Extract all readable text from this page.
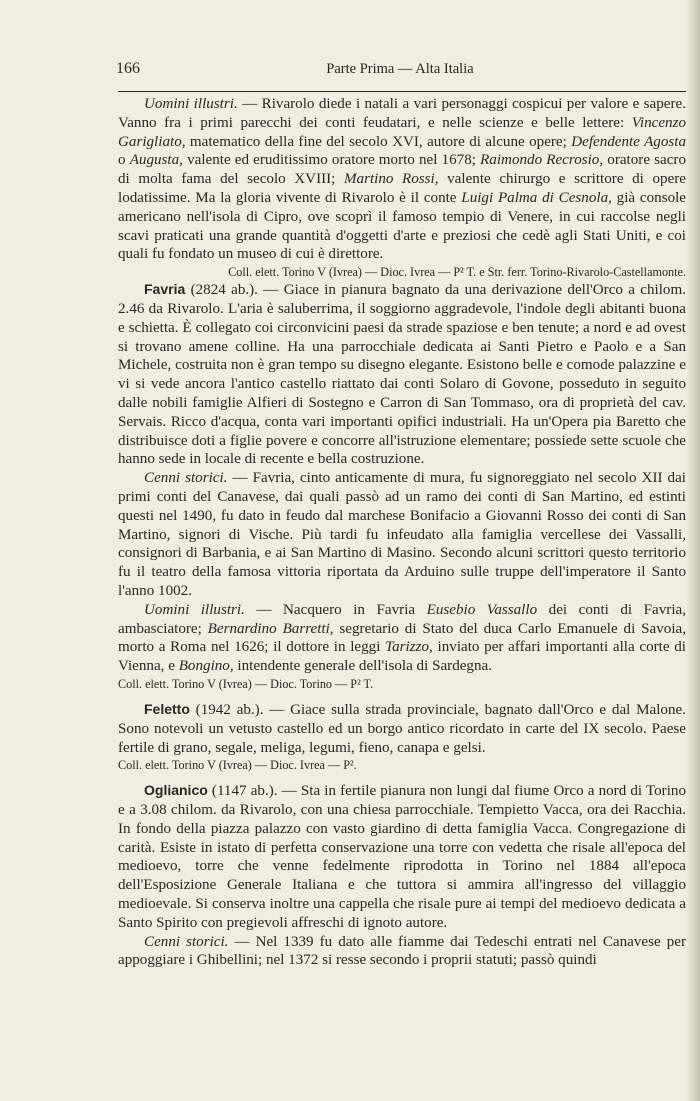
166	Parte Prima — Alta Italia

Uomini illustri. — Rivarolo diede i natali a vari personaggi cospicui per valore e sapere. Vanno fra i primi parecchi dei conti feudatari, e nelle scienze e belle lettere: Vincenzo Garigliato, matematico della fine del secolo XVI, autore di alcune opere; Defendente Agosta o Augusta, valente ed eruditissimo oratore morto nel 1678; Raimondo Recrosio, oratore sacro di molta fama del secolo XVIII; Martino Rossi, valente chirurgo e scrittore di opere lodatissime. Ma la gloria vivente di Rivarolo è il conte Luigi Palma di Cesnola, già console americano nell'isola di Cipro, ove scoprì il famoso tempio di Venere, in cui raccolse negli scavi praticati una grande quantità d'oggetti d'arte e preziosi che cedè agli Stati Uniti, e coi quali fu fondato un museo di cui è direttore.

Coll. elett. Torino V (Ivrea) — Dioc. Ivrea — P² T. e Str. ferr. Torino-Rivarolo-Castellamonte.

Favria (2824 ab.). — Giace in pianura bagnato da una derivazione dell'Orco a chilom. 2.46 da Rivarolo. L'aria è saluberrima, il soggiorno aggradevole, l'indole degli abitanti buona e schietta. È collegato coi circonvicini paesi da strade spaziose e ben tenute; a nord e ad ovest si trovano amene colline. Ha una parrocchiale dedicata ai Santi Pietro e Paolo e a San Michele, costruita non è gran tempo su disegno elegante. Esistono belle e comode palazzine e vi si vede ancora l'antico castello riattato dai conti Solaro di Govone, posseduto in seguito dalle nobili famiglie Alfieri di Sostegno e Carron di San Tommaso, ora di proprietà del cav. Servais. Ricco d'acqua, conta vari importanti opifici industriali. Ha un'Opera pia Baretto che distribuisce doti a figlie povere e concorre all'istruzione elementare; possiede sette scuole che hanno sede in locale di recente e bella costruzione.

Cenni storici. — Favria, cinto anticamente di mura, fu signoreggiato nel secolo XII dai primi conti del Canavese, dai quali passò ad un ramo dei conti di San Martino, ed estinti questi nel 1490, fu dato in feudo dal marchese Bonifacio a Giovanni Rosso dei conti di San Martino, signori di Vische. Più tardi fu infeudato alla famiglia vercellese dei Vassalli, consignori di Barbania, e ai San Martino di Masino. Secondo alcuni scrittori questo territorio fu il teatro della famosa vittoria riportata da Arduino sulle truppe dell'imperatore il Santo l'anno 1002.

Uomini illustri. — Nacquero in Favria Eusebio Vassallo dei conti di Favria, ambasciatore; Bernardino Barretti, segretario di Stato del duca Carlo Emanuele di Savoia, morto a Roma nel 1626; il dottore in leggi Tarizzo, inviato per affari importanti alla corte di Vienna, e Bongino, intendente generale dell'isola di Sardegna.

Coll. elett. Torino V (Ivrea) — Dioc. Torino — P² T.

Feletto (1942 ab.). — Giace sulla strada provinciale, bagnato dall'Orco e dal Malone. Sono notevoli un vetusto castello ed un borgo antico ricordato in carte del IX secolo. Paese fertile di grano, segale, meliga, legumi, fieno, canapa e gelsi.

Coll. elett. Torino V (Ivrea) — Dioc. Ivrea — P².

Oglianico (1147 ab.). — Sta in fertile pianura non lungi dal fiume Orco a nord di Torino e a 3.08 chilom. da Rivarolo, con una chiesa parrocchiale. Tempietto Vacca, ora dei Racchia. In fondo della piazza palazzo con vasto giardino di detta famiglia Vacca. Congregazione di carità. Esiste in istato di perfetta conservazione una torre con vedetta che risale all'epoca del medioevo, torre che venne fedelmente riprodotta in Torino nel 1884 all'epoca dell'Esposizione Generale Italiana e che tuttora si ammira all'ingresso del villaggio medioevale. Si conserva inoltre una cappella che risale pure ai tempi del medioevo dedicata a Santo Spirito con pregievoli affreschi di ignoto autore.

Cenni storici. — Nel 1339 fu dato alle fiamme dai Tedeschi entrati nel Canavese per appoggiare i Ghibellini; nel 1372 si resse secondo i proprii statuti; passò quindi
